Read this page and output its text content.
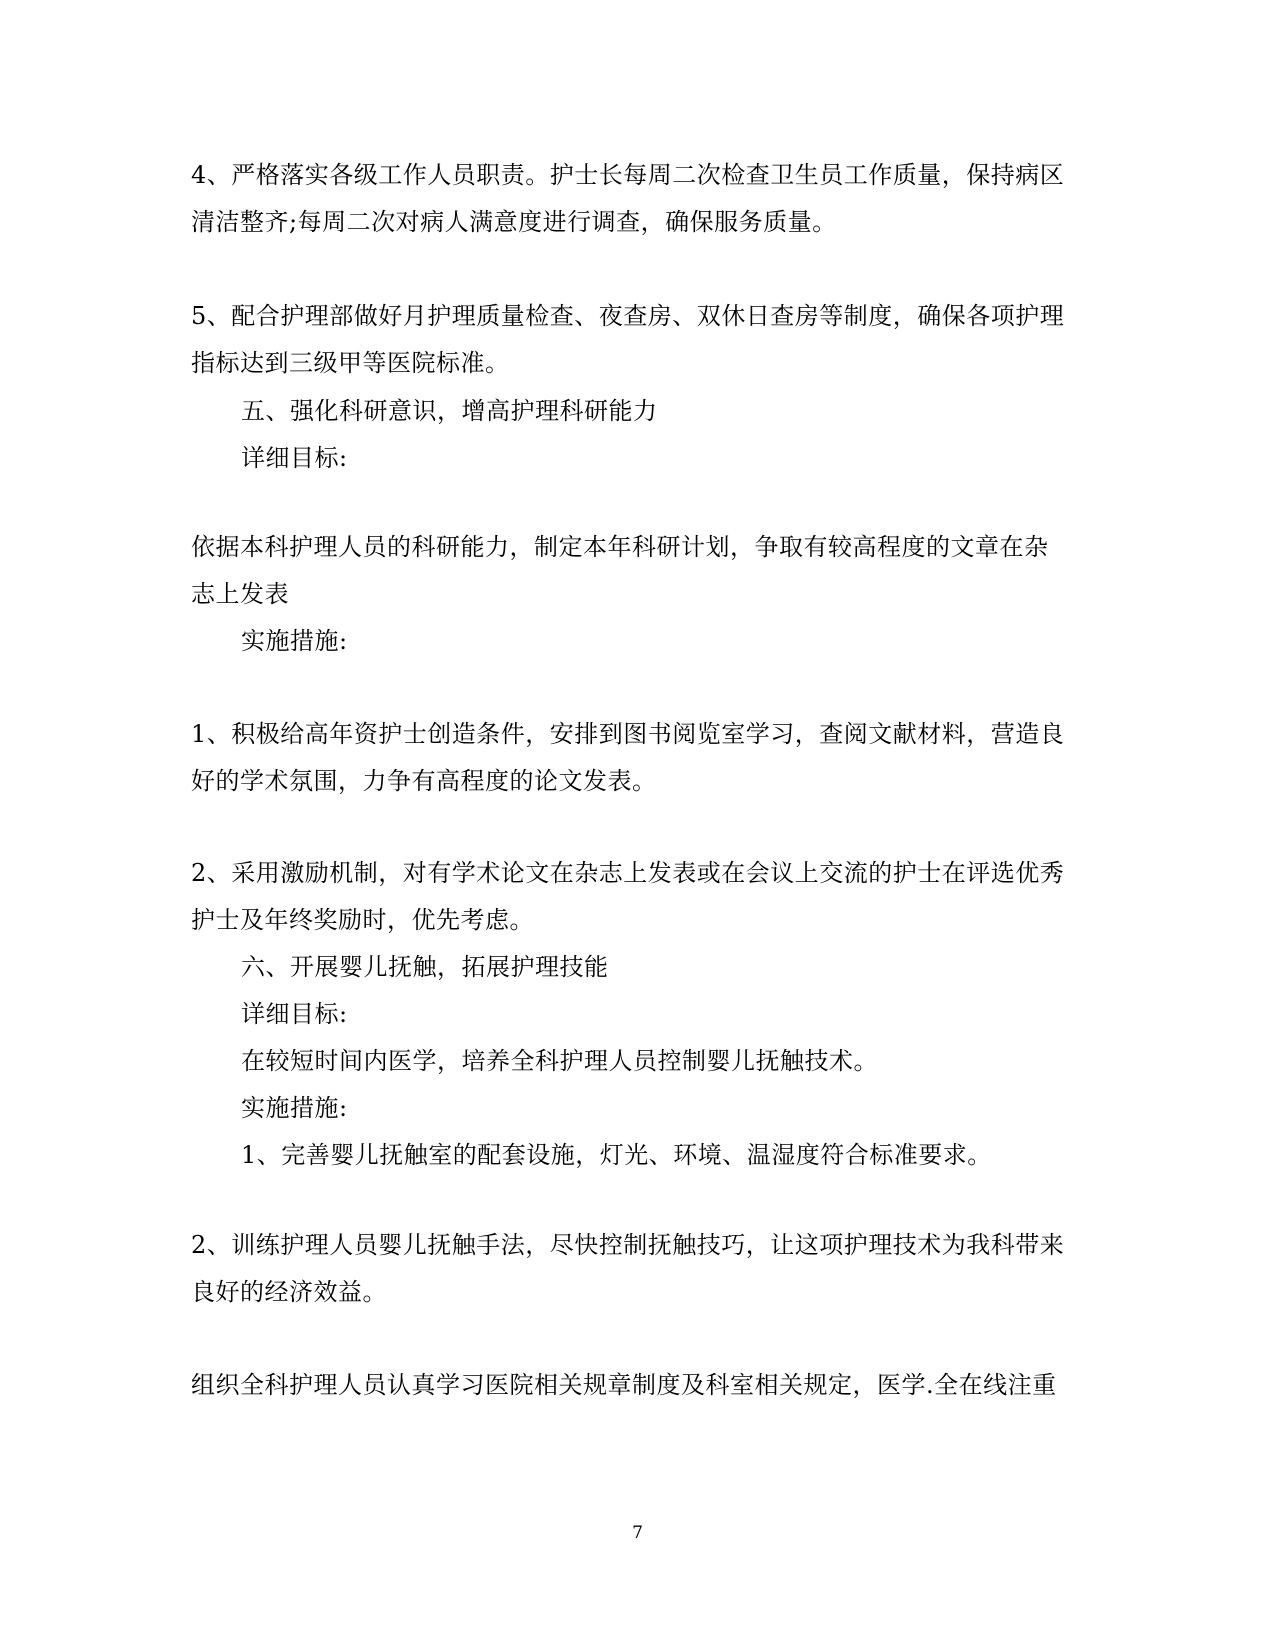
4、严格落实各级工作人员职责。护士长每周二次检查卫生员工作质量，保持病区
清洁整齐;每周二次对病人满意度进行调查，确保服务质量。
5、配合护理部做好月护理质量检查、夜查房、双休日查房等制度，确保各项护理
指标达到三级甲等医院标准。
五、强化科研意识，增高护理科研能力
详细目标:
依据本科护理人员的科研能力，制定本年科研计划，争取有较高程度的文章在杂
志上发表
实施措施:
1、积极给高年资护士创造条件，安排到图书阅览室学习，查阅文献材料，营造良
好的学术氛围，力争有高程度的论文发表。
2、采用激励机制，对有学术论文在杂志上发表或在会议上交流的护士在评选优秀
护士及年终奖励时，优先考虑。
六、开展婴儿抚触，拓展护理技能
详细目标:
在较短时间内医学，培养全科护理人员控制婴儿抚触技术。
实施措施:
1、完善婴儿抚触室的配套设施，灯光、环境、温湿度符合标准要求。
2、训练护理人员婴儿抚触手法，尽快控制抚触技巧，让这项护理技术为我科带来
良好的经济效益。
组织全科护理人员认真学习医院相关规章制度及科室相关规定，医学.全在线注重
7
